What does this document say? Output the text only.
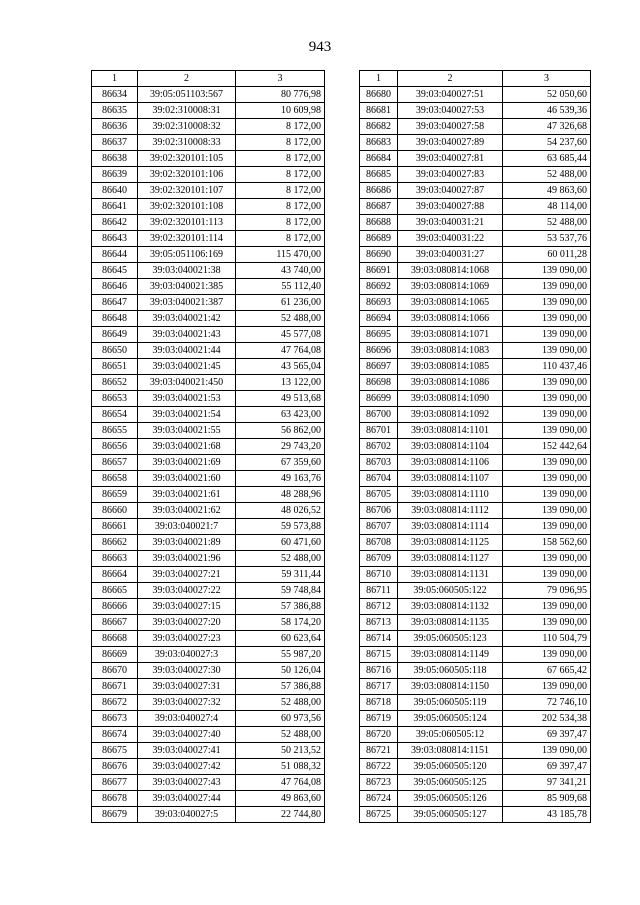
943
1	2	3
86634	39:05:051103:567	80 776,98
86635	39:02:310008:31	10 609,98
86636	39:02:310008:32	8 172,00
86637	39:02:310008:33	8 172,00
86638	39:02:320101:105	8 172,00
86639	39:02:320101:106	8 172,00
86640	39:02:320101:107	8 172,00
86641	39:02:320101:108	8 172,00
86642	39:02:320101:113	8 172,00
86643	39:02:320101:114	8 172,00
86644	39:05:051106:169	115 470,00
86645	39:03:040021:38	43 740,00
86646	39:03:040021:385	55 112,40
86647	39:03:040021:387	61 236,00
86648	39:03:040021:42	52 488,00
86649	39:03:040021:43	45 577,08
86650	39:03:040021:44	47 764,08
86651	39:03:040021:45	43 565,04
86652	39:03:040021:450	13 122,00
86653	39:03:040021:53	49 513,68
86654	39:03:040021:54	63 423,00
86655	39:03:040021:55	56 862,00
86656	39:03:040021:68	29 743,20
86657	39:03:040021:69	67 359,60
86658	39:03:040021:60	49 163,76
86659	39:03:040021:61	48 288,96
86660	39:03:040021:62	48 026,52
86661	39:03:040021:7	59 573,88
86662	39:03:040021:89	60 471,60
86663	39:03:040021:96	52 488,00
86664	39:03:040027:21	59 311,44
86665	39:03:040027:22	59 748,84
86666	39:03:040027:15	57 386,88
86667	39:03:040027:20	58 174,20
86668	39:03:040027:23	60 623,64
86669	39:03:040027:3	55 987,20
86670	39:03:040027:30	50 126,04
86671	39:03:040027:31	57 386,88
86672	39:03:040027:32	52 488,00
86673	39:03:040027:4	60 973,56
86674	39:03:040027:40	52 488,00
86675	39:03:040027:41	50 213,52
86676	39:03:040027:42	51 088,32
86677	39:03:040027:43	47 764,08
86678	39:03:040027:44	49 863,60
86679	39:03:040027:5	22 744,80
1	2	3
86680	39:03:040027:51	52 050,60
86681	39:03:040027:53	46 539,36
86682	39:03:040027:58	47 326,68
86683	39:03:040027:89	54 237,60
86684	39:03:040027:81	63 685,44
86685	39:03:040027:83	52 488,00
86686	39:03:040027:87	49 863,60
86687	39:03:040027:88	48 114,00
86688	39:03:040031:21	52 488,00
86689	39:03:040031:22	53 537,76
86690	39:03:040031:27	60 011,28
86691	39:03:080814:1068	139 090,00
86692	39:03:080814:1069	139 090,00
86693	39:03:080814:1065	139 090,00
86694	39:03:080814:1066	139 090,00
86695	39:03:080814:1071	139 090,00
86696	39:03:080814:1083	139 090,00
86697	39:03:080814:1085	110 437,46
86698	39:03:080814:1086	139 090,00
86699	39:03:080814:1090	139 090,00
86700	39:03:080814:1092	139 090,00
86701	39:03:080814:1101	139 090,00
86702	39:03:080814:1104	152 442,64
86703	39:03:080814:1106	139 090,00
86704	39:03:080814:1107	139 090,00
86705	39:03:080814:1110	139 090,00
86706	39:03:080814:1112	139 090,00
86707	39:03:080814:1114	139 090,00
86708	39:03:080814:1125	158 562,60
86709	39:03:080814:1127	139 090,00
86710	39:03:080814:1131	139 090,00
86711	39:05:060505:122	79 096,95
86712	39:03:080814:1132	139 090,00
86713	39:03:080814:1135	139 090,00
86714	39:05:060505:123	110 504,79
86715	39:03:080814:1149	139 090,00
86716	39:05:060505:118	67 665,42
86717	39:03:080814:1150	139 090,00
86718	39:05:060505:119	72 746,10
86719	39:05:060505:124	202 534,38
86720	39:05:060505:12	69 397,47
86721	39:03:080814:1151	139 090,00
86722	39:05:060505:120	69 397,47
86723	39:05:060505:125	97 341,21
86724	39:05:060505:126	85 909,68
86725	39:05:060505:127	43 185,78
